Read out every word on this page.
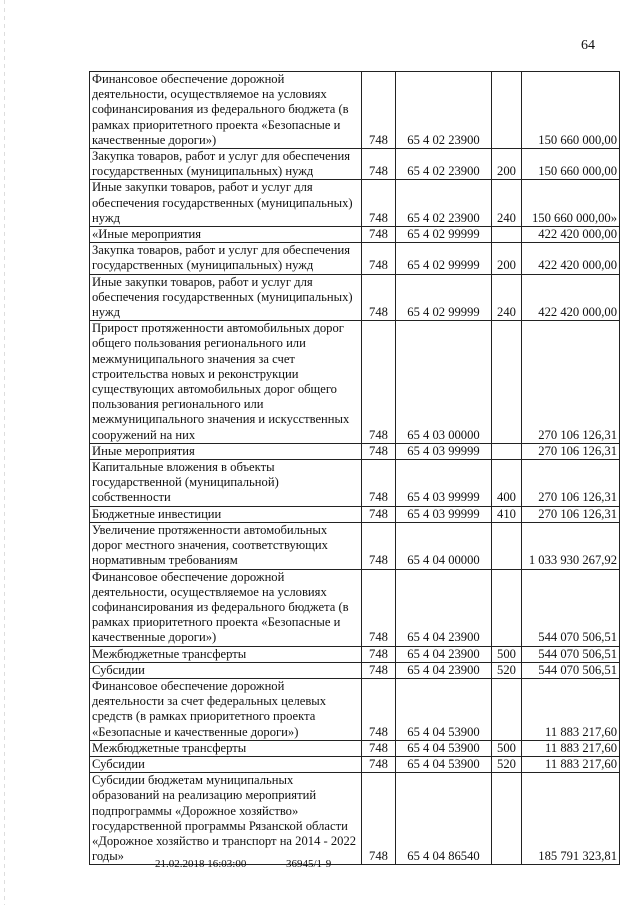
64
Финансовое обеспечение дорожной деятельности, осуществляемое на условиях софинансирования из федерального бюджета (в рамках приоритетного проекта «Безопасные и качественные дороги»)	748	65 4 02 23900		150 660 000,00
Закупка товаров, работ и услуг для обеспечения государственных (муниципальных) нужд	748	65 4 02 23900	200	150 660 000,00
Иные закупки товаров, работ и услуг для обеспечения государственных (муниципальных) нужд	748	65 4 02 23900	240	150 660 000,00»
«Иные мероприятия	748	65 4 02 99999		422 420 000,00
Закупка товаров, работ и услуг для обеспечения государственных (муниципальных) нужд	748	65 4 02 99999	200	422 420 000,00
Иные закупки товаров, работ и услуг для обеспечения государственных (муниципальных) нужд	748	65 4 02 99999	240	422 420 000,00
Прирост протяженности автомобильных дорог общего пользования регионального или межмуниципального значения за счет строительства новых и реконструкции существующих автомобильных дорог общего пользования регионального или межмуниципального значения и искусственных сооружений на них	748	65 4 03 00000		270 106 126,31
Иные мероприятия	748	65 4 03 99999		270 106 126,31
Капитальные вложения в объекты государственной (муниципальной) собственности	748	65 4 03 99999	400	270 106 126,31
Бюджетные инвестиции	748	65 4 03 99999	410	270 106 126,31
Увеличение протяженности автомобильных дорог местного значения, соответствующих нормативным требованиям	748	65 4 04 00000		1 033 930 267,92
Финансовое обеспечение дорожной деятельности, осуществляемое на условиях софинансирования из федерального бюджета (в рамках приоритетного проекта «Безопасные и качественные дороги»)	748	65 4 04 23900		544 070 506,51
Межбюджетные трансферты	748	65 4 04 23900	500	544 070 506,51
Субсидии	748	65 4 04 23900	520	544 070 506,51
Финансовое обеспечение дорожной деятельности за счет федеральных целевых средств (в рамках приоритетного проекта «Безопасные и качественные дороги»)	748	65 4 04 53900		11 883 217,60
Межбюджетные трансферты	748	65 4 04 53900	500	11 883 217,60
Субсидии	748	65 4 04 53900	520	11 883 217,60
Субсидии бюджетам муниципальных образований на реализацию мероприятий подпрограммы «Дорожное хозяйство» государственной программы Рязанской области «Дорожное хозяйство и транспорт на 2014 - 2022 годы»	748	65 4 04 86540		185 791 323,81
21.02.2018 16:03:00	36945/1-9
